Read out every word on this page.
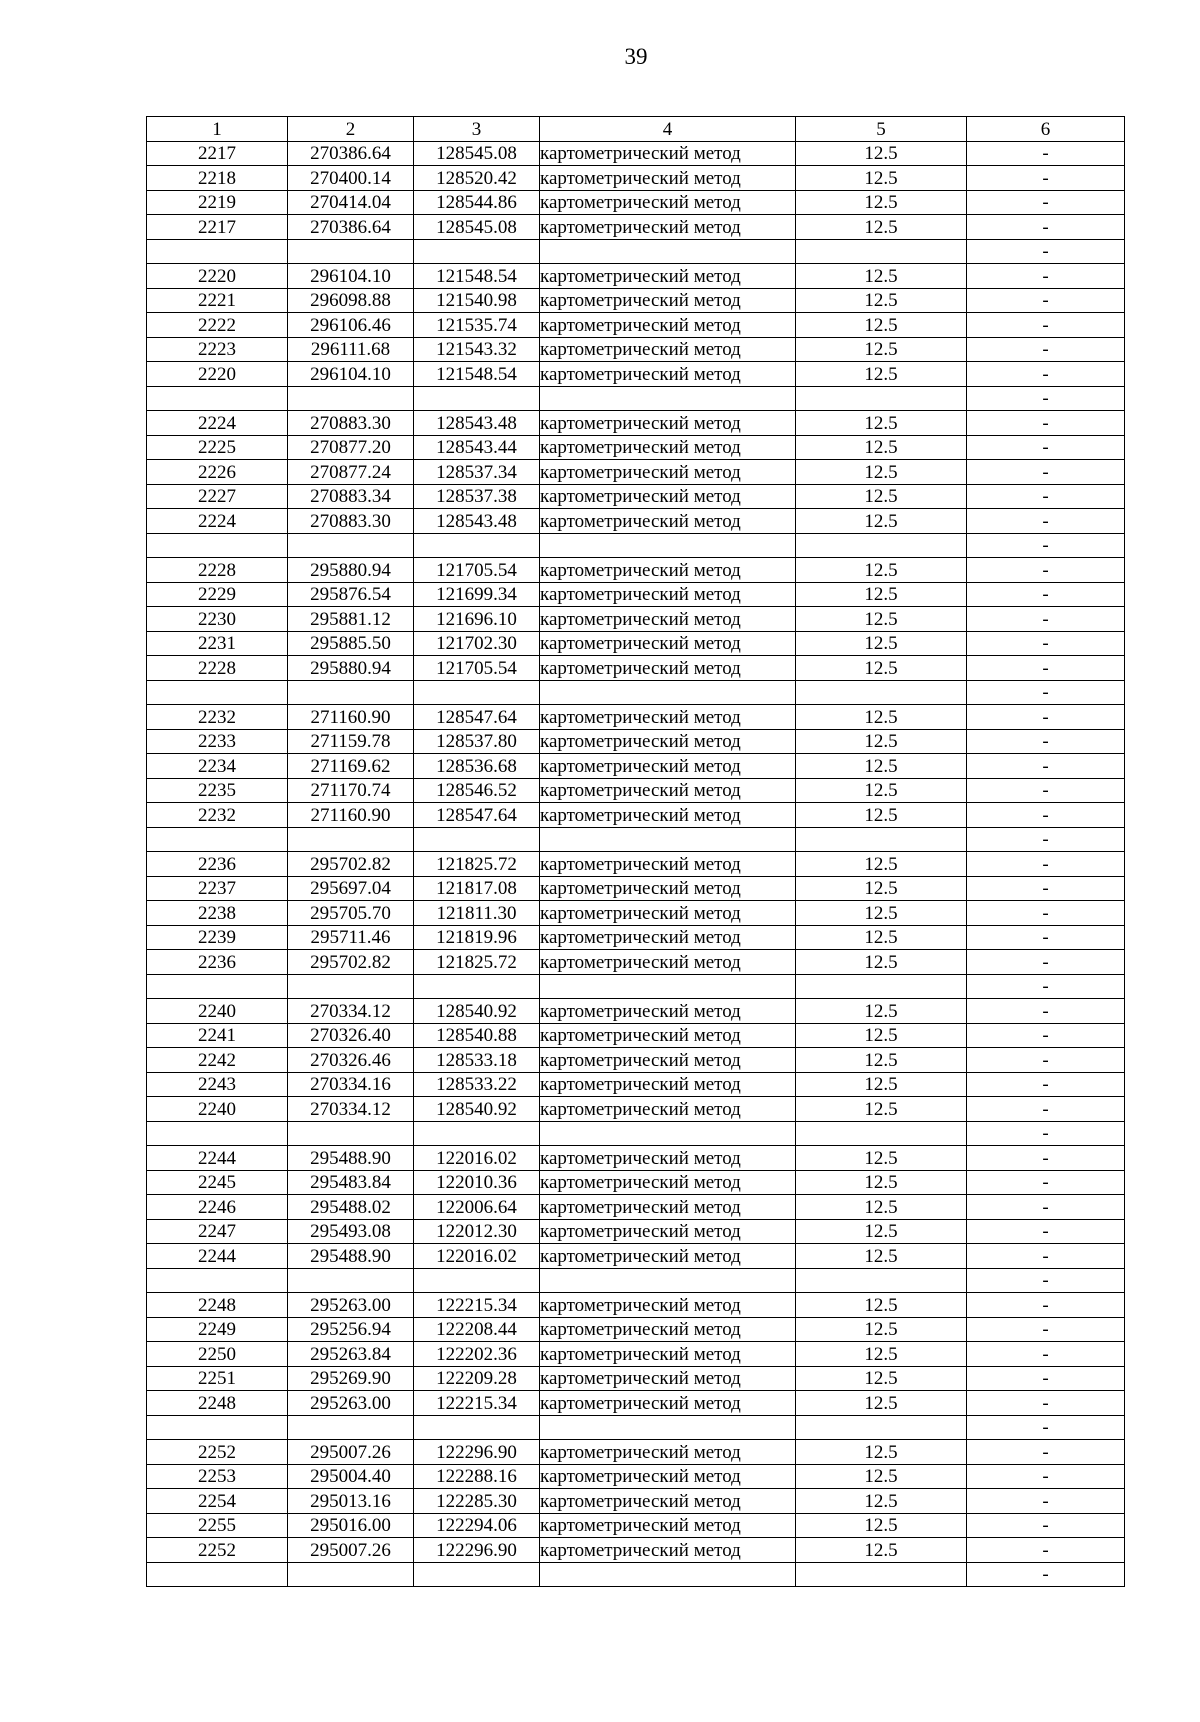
39
1	2	3	4	5	6
2217	270386.64	128545.08	картометрический метод	12.5	-
2218	270400.14	128520.42	картометрический метод	12.5	-
2219	270414.04	128544.86	картометрический метод	12.5	-
2217	270386.64	128545.08	картометрический метод	12.5	-
					-
2220	296104.10	121548.54	картометрический метод	12.5	-
2221	296098.88	121540.98	картометрический метод	12.5	-
2222	296106.46	121535.74	картометрический метод	12.5	-
2223	296111.68	121543.32	картометрический метод	12.5	-
2220	296104.10	121548.54	картометрический метод	12.5	-
					-
2224	270883.30	128543.48	картометрический метод	12.5	-
2225	270877.20	128543.44	картометрический метод	12.5	-
2226	270877.24	128537.34	картометрический метод	12.5	-
2227	270883.34	128537.38	картометрический метод	12.5	-
2224	270883.30	128543.48	картометрический метод	12.5	-
					-
2228	295880.94	121705.54	картометрический метод	12.5	-
2229	295876.54	121699.34	картометрический метод	12.5	-
2230	295881.12	121696.10	картометрический метод	12.5	-
2231	295885.50	121702.30	картометрический метод	12.5	-
2228	295880.94	121705.54	картометрический метод	12.5	-
					-
2232	271160.90	128547.64	картометрический метод	12.5	-
2233	271159.78	128537.80	картометрический метод	12.5	-
2234	271169.62	128536.68	картометрический метод	12.5	-
2235	271170.74	128546.52	картометрический метод	12.5	-
2232	271160.90	128547.64	картометрический метод	12.5	-
					-
2236	295702.82	121825.72	картометрический метод	12.5	-
2237	295697.04	121817.08	картометрический метод	12.5	-
2238	295705.70	121811.30	картометрический метод	12.5	-
2239	295711.46	121819.96	картометрический метод	12.5	-
2236	295702.82	121825.72	картометрический метод	12.5	-
					-
2240	270334.12	128540.92	картометрический метод	12.5	-
2241	270326.40	128540.88	картометрический метод	12.5	-
2242	270326.46	128533.18	картометрический метод	12.5	-
2243	270334.16	128533.22	картометрический метод	12.5	-
2240	270334.12	128540.92	картометрический метод	12.5	-
					-
2244	295488.90	122016.02	картометрический метод	12.5	-
2245	295483.84	122010.36	картометрический метод	12.5	-
2246	295488.02	122006.64	картометрический метод	12.5	-
2247	295493.08	122012.30	картометрический метод	12.5	-
2244	295488.90	122016.02	картометрический метод	12.5	-
					-
2248	295263.00	122215.34	картометрический метод	12.5	-
2249	295256.94	122208.44	картометрический метод	12.5	-
2250	295263.84	122202.36	картометрический метод	12.5	-
2251	295269.90	122209.28	картометрический метод	12.5	-
2248	295263.00	122215.34	картометрический метод	12.5	-
					-
2252	295007.26	122296.90	картометрический метод	12.5	-
2253	295004.40	122288.16	картометрический метод	12.5	-
2254	295013.16	122285.30	картометрический метод	12.5	-
2255	295016.00	122294.06	картометрический метод	12.5	-
2252	295007.26	122296.90	картометрический метод	12.5	-
					-
